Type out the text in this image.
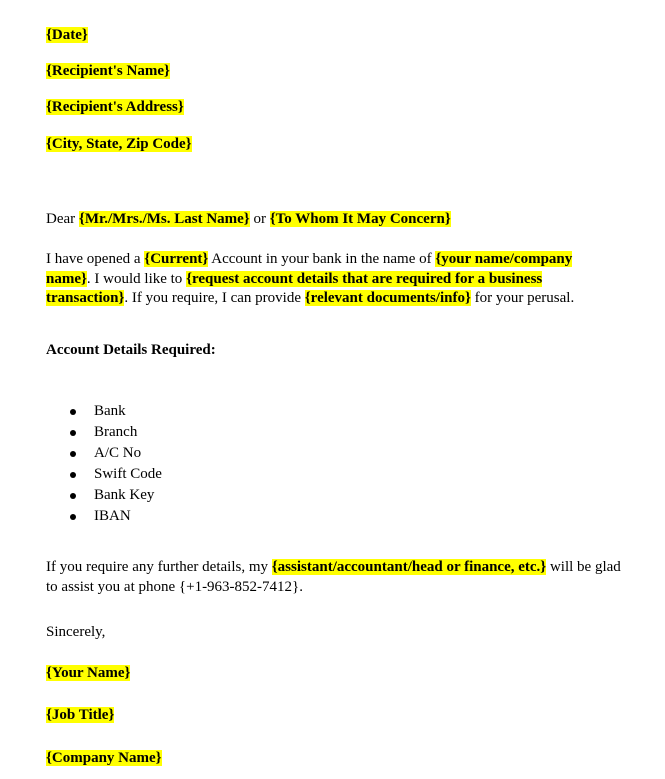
{Date}
{Recipient's Name}
{Recipient's Address}
{City, State, Zip Code}
Dear {Mr./Mrs./Ms. Last Name} or {To Whom It May Concern}
I have opened a {Current} Account in your bank in the name of {your name/company name}. I would like to {request account details that are required for a business transaction}. If you require, I can provide {relevant documents/info} for your perusal.
Account Details Required:
Bank
Branch
A/C No
Swift Code
Bank Key
IBAN
If you require any further details, my {assistant/accountant/head or finance, etc.} will be glad to assist you at phone {+1-963-852-7412}.
Sincerely,
{Your Name}
{Job Title}
{Company Name}
